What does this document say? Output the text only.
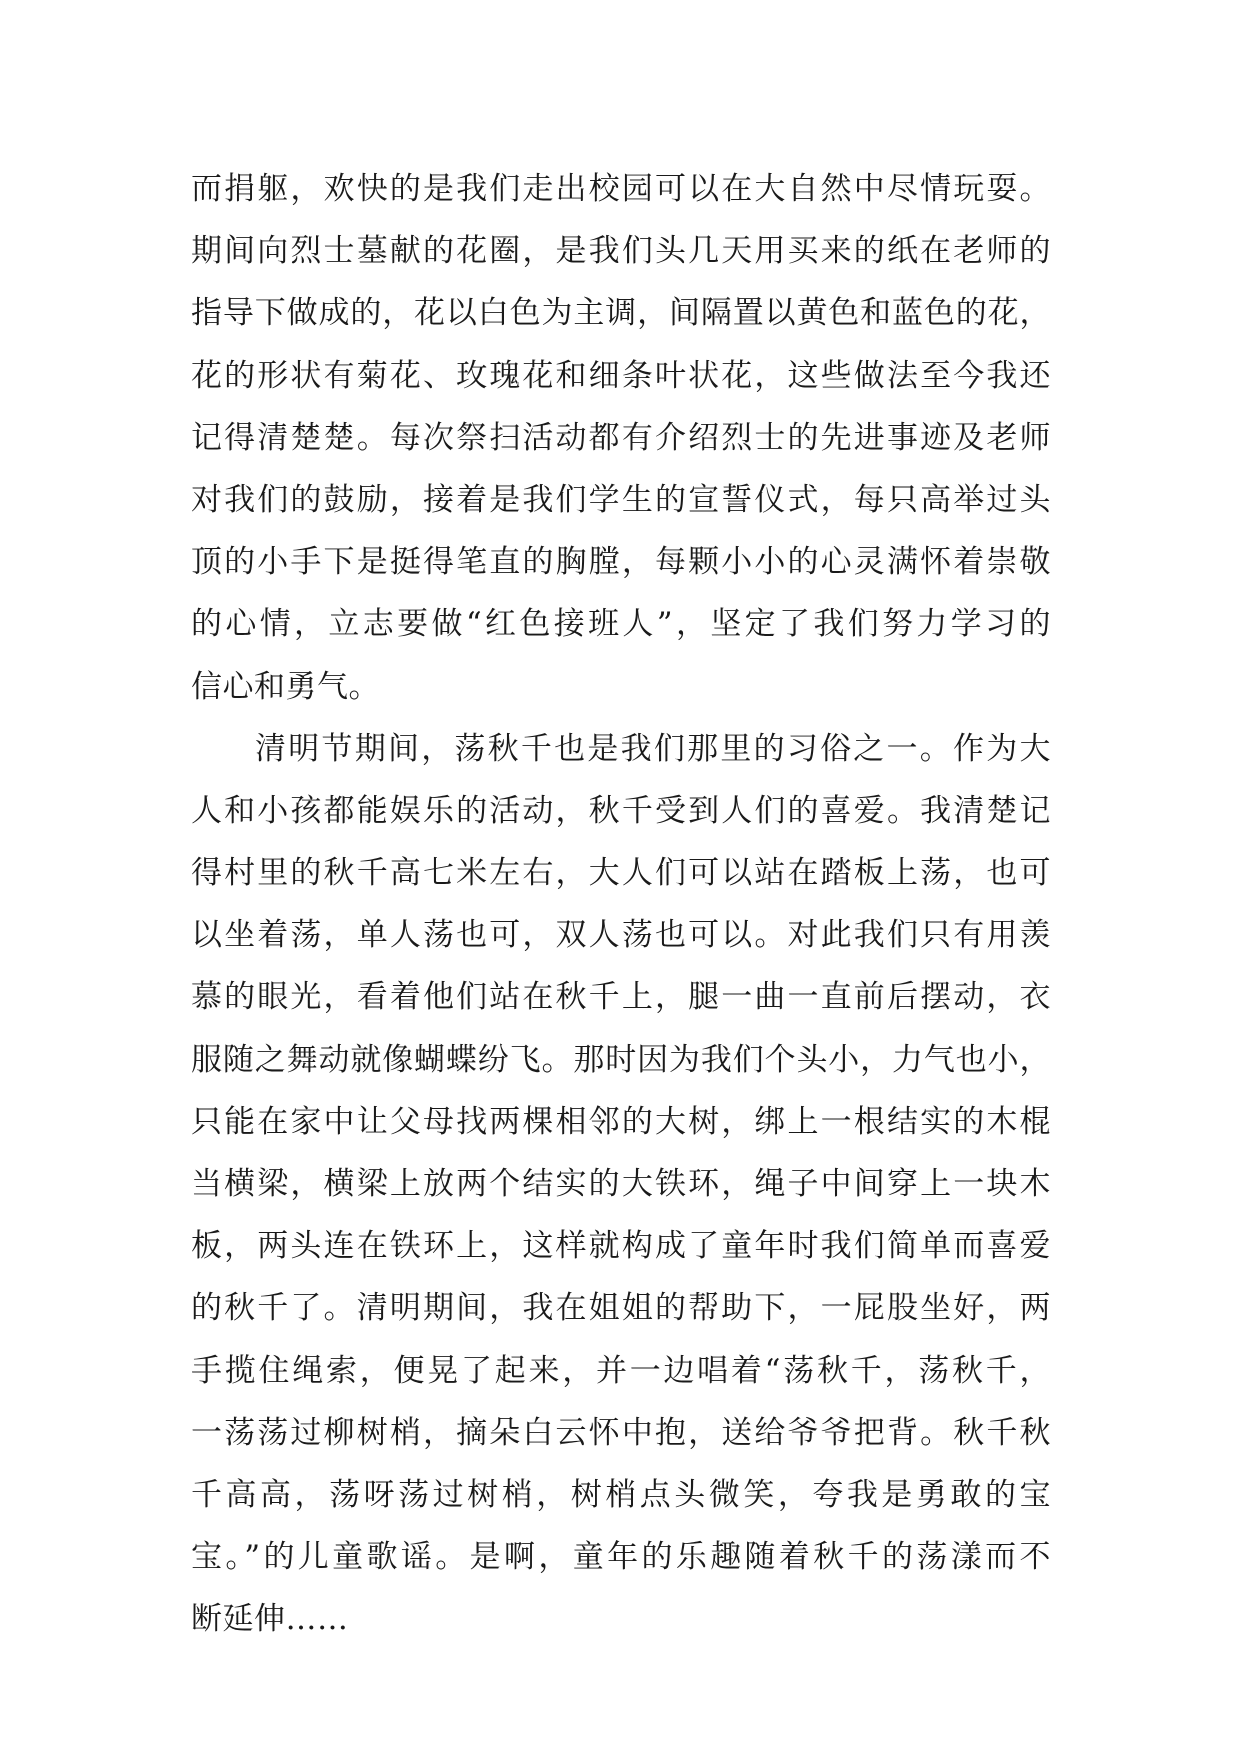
而捐躯，欢快的是我们走出校园可以在大自然中尽情玩耍。
期间向烈士墓献的花圈，是我们头几天用买来的纸在老师的
指导下做成的，花以白色为主调，间隔置以黄色和蓝色的花，
花的形状有菊花、玫瑰花和细条叶状花，这些做法至今我还
记得清楚楚。每次祭扫活动都有介绍烈士的先进事迹及老师
对我们的鼓励，接着是我们学生的宣誓仪式，每只高举过头
顶的小手下是挺得笔直的胸膛，每颗小小的心灵满怀着崇敬
的心情，立志要做“红色接班人”，坚定了我们努力学习的
信心和勇气。
清明节期间，荡秋千也是我们那里的习俗之一。作为大
人和小孩都能娱乐的活动，秋千受到人们的喜爱。我清楚记
得村里的秋千高七米左右，大人们可以站在踏板上荡，也可
以坐着荡，单人荡也可，双人荡也可以。对此我们只有用羡
慕的眼光，看着他们站在秋千上，腿一曲一直前后摆动，衣
服随之舞动就像蝴蝶纷飞。那时因为我们个头小，力气也小，
只能在家中让父母找两棵相邻的大树，绑上一根结实的木棍
当横梁，横梁上放两个结实的大铁环，绳子中间穿上一块木
板，两头连在铁环上，这样就构成了童年时我们简单而喜爱
的秋千了。清明期间，我在姐姐的帮助下，一屁股坐好，两
手揽住绳索，便晃了起来，并一边唱着“荡秋千，荡秋千，
一荡荡过柳树梢，摘朵白云怀中抱，送给爷爷把背。秋千秋
千高高，荡呀荡过树梢，树梢点头微笑，夸我是勇敢的宝
宝。”的儿童歌谣。是啊，童年的乐趣随着秋千的荡漾而不
断延伸……
